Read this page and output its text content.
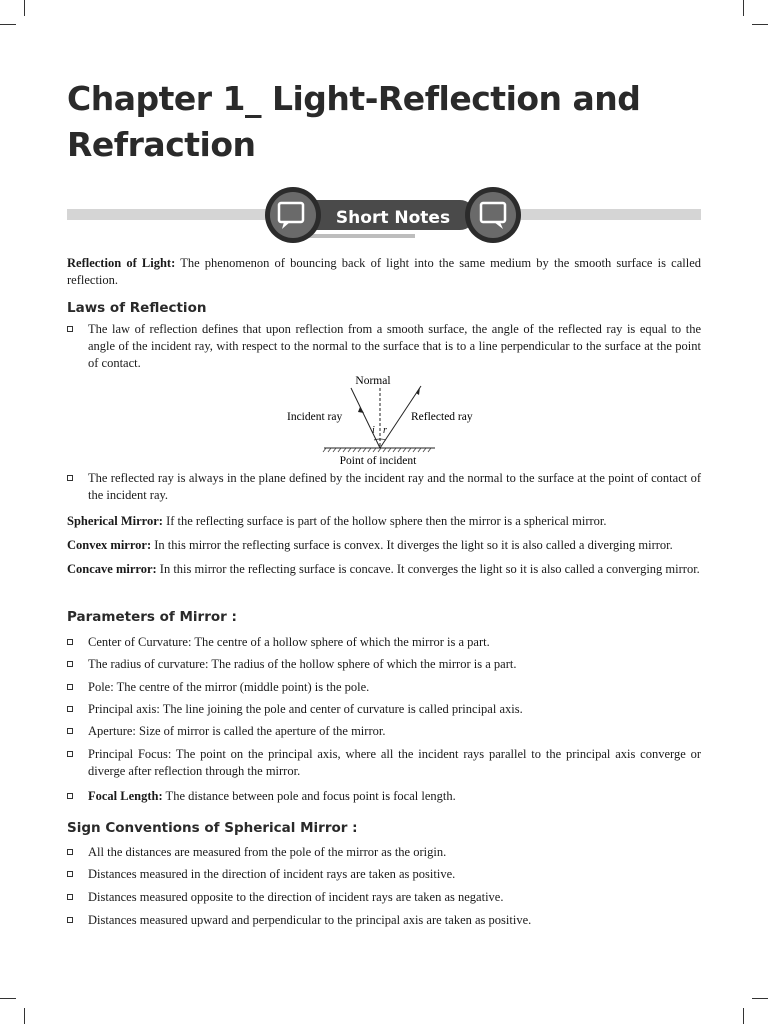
Chapter 1_ Light-Reflection and Refraction
Short Notes

Reflection of Light: The phenomenon of bouncing back of light into the same medium by the smooth surface is called reflection.

Laws of Reflection
The law of reflection defines that upon reflection from a smooth surface, the angle of the reflected ray is equal to the angle of the incident ray, with respect to the normal to the surface that is to a line perpendicular to the surface at the point of contact.
Normal
Incident ray	Reflected ray
i r
Point of incident
The reflected ray is always in the plane defined by the incident ray and the normal to the surface at the point of contact of the incident ray.

Spherical Mirror: If the reflecting surface is part of the hollow sphere then the mirror is a spherical mirror.

Convex mirror: In this mirror the reflecting surface is convex. It diverges the light so it is also called a diverging mirror.

Concave mirror: In this mirror the reflecting surface is concave. It converges the light so it is also called a converging mirror.

Parameters of Mirror :
Center of Curvature: The centre of a hollow sphere of which the mirror is a part.
The radius of curvature: The radius of the hollow sphere of which the mirror is a part.
Pole: The centre of the mirror (middle point) is the pole.
Principal axis: The line joining the pole and center of curvature is called principal axis.
Aperture: Size of mirror is called the aperture of the mirror.
Principal Focus: The point on the principal axis, where all the incident rays parallel to the principal axis converge or diverge after reflection through the mirror.
Focal Length: The distance between pole and focus point is focal length.
Sign Conventions of Spherical Mirror :
All the distances are measured from the pole of the mirror as the origin.
Distances measured in the direction of incident rays are taken as positive.
Distances measured opposite to the direction of incident rays are taken as negative.
Distances measured upward and perpendicular to the principal axis are taken as positive.
